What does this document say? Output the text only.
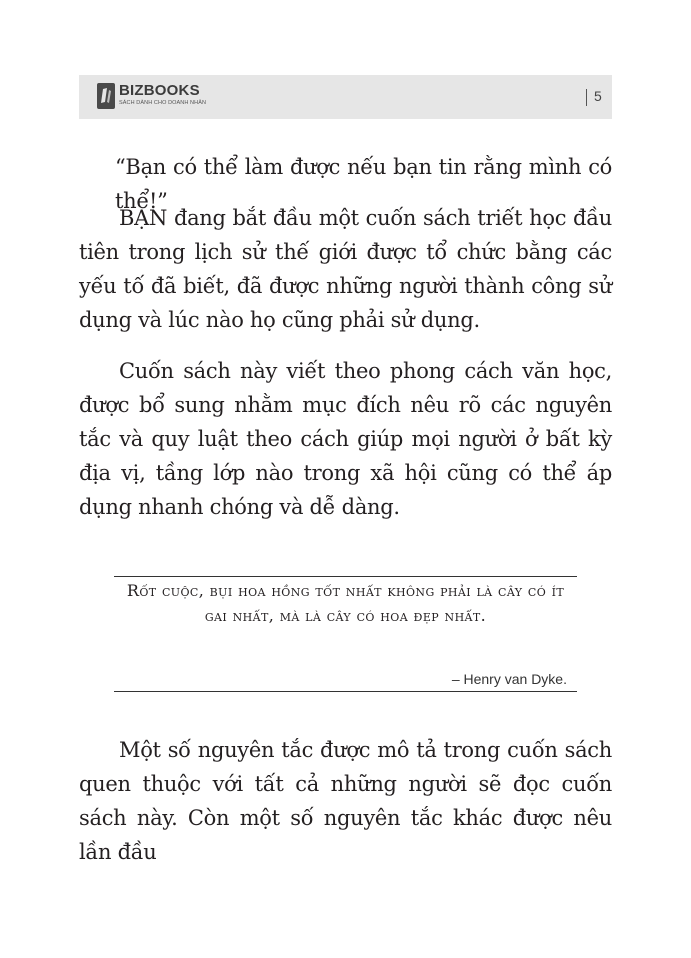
BIZBOOKS
SÁCH DÀNH CHO DOANH NHÂN	5

“Bạn có thể làm được nếu bạn tin rằng mình có thể!”

BẠN đang bắt đầu một cuốn sách triết học đầu tiên trong lịch sử thế giới được tổ chức bằng các yếu tố đã biết, đã được những người thành công sử dụng và lúc nào họ cũng phải sử dụng.

Cuốn sách này viết theo phong cách văn học, được bổ sung nhằm mục đích nêu rõ các nguyên tắc và quy luật theo cách giúp mọi người ở bất kỳ địa vị, tầng lớp nào trong xã hội cũng có thể áp dụng nhanh chóng và dễ dàng.

Rốt cuộc, bụi hoa hồng tốt nhất không phải là cây có ít gai nhất, mà là cây có hoa đẹp nhất.

– Henry van Dyke.

Một số nguyên tắc được mô tả trong cuốn sách quen thuộc với tất cả những người sẽ đọc cuốn sách này. Còn một số nguyên tắc khác được nêu lần đầu
